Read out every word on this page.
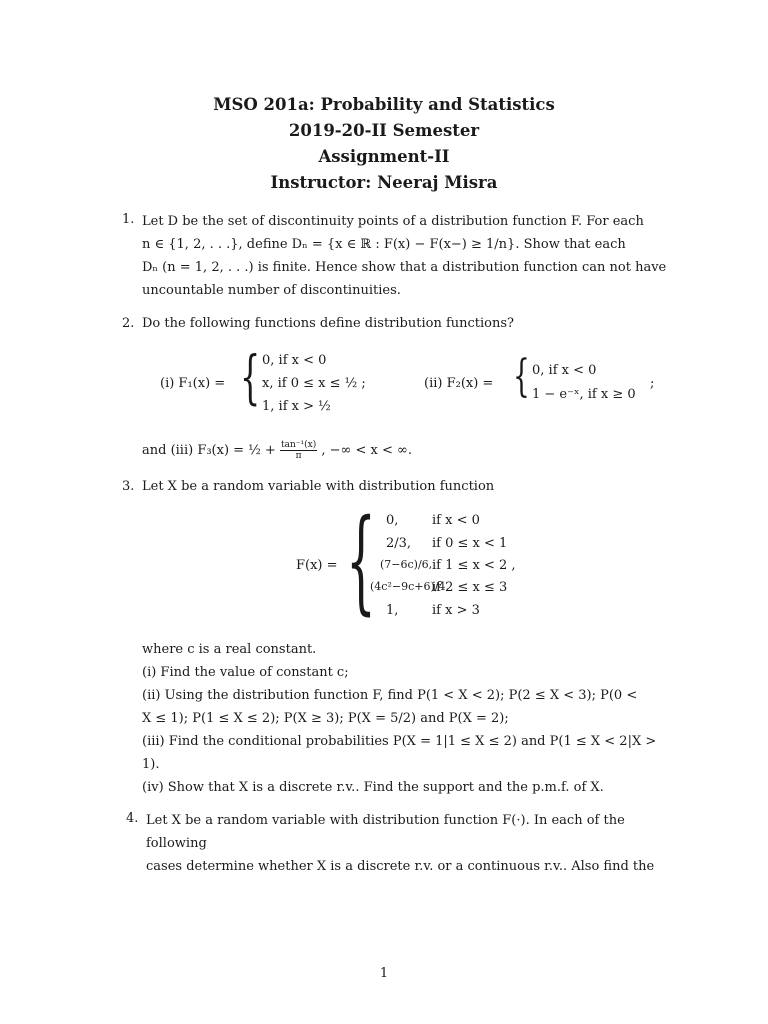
MSO 201a: Probability and Statistics
2019-20-II Semester
Assignment-II
Instructor: Neeraj Misra
1. Let D be the set of discontinuity points of a distribution function F. For each
n ∈ {1, 2, . . .}, define Dₙ = {x ∈ ℝ : F(x) − F(x−) ≥ 1/n}. Show that each
Dₙ (n = 1, 2, . . .) is finite. Hence show that a distribution function can not have
uncountable number of discontinuities.
2. Do the following functions define distribution functions?
(i) F₁(x) = { 0, if x < 0
x, if 0 ≤ x ≤ ½ ;
1, if x > ½
(ii) F₂(x) = { 0, if x < 0
1 − e⁻ˣ, if x ≥ 0
;
and (iii) F₃(x) = ½ + $\frac{\text{tan⁻¹(x)}}{\pi}$ , −∞ < x < ∞.
3. Let X be a random variable with distribution function
F(x) = { 0,
2/3,
(7−6c)/6,
(4c²−9c+6)/4,
1,
if x < 0
if 0 ≤ x < 1
if 1 ≤ x < 2 ,
if 2 ≤ x ≤ 3
if x > 3
where c is a real constant.
(i) Find the value of constant c;
(ii) Using the distribution function F, find P(1 < X < 2); P(2 ≤ X < 3); P(0 <
X ≤ 1); P(1 ≤ X ≤ 2); P(X ≥ 3); P(X = 5/2) and P(X = 2);
(iii) Find the conditional probabilities P(X = 1|1 ≤ X ≤ 2) and P(1 ≤ X < 2|X >
1).
(iv) Show that X is a discrete r.v.. Find the support and the p.m.f. of X.
4. Let X be a random variable with distribution function F(·). In each of the following
cases determine whether X is a discrete r.v. or a continuous r.v.. Also find the
1
